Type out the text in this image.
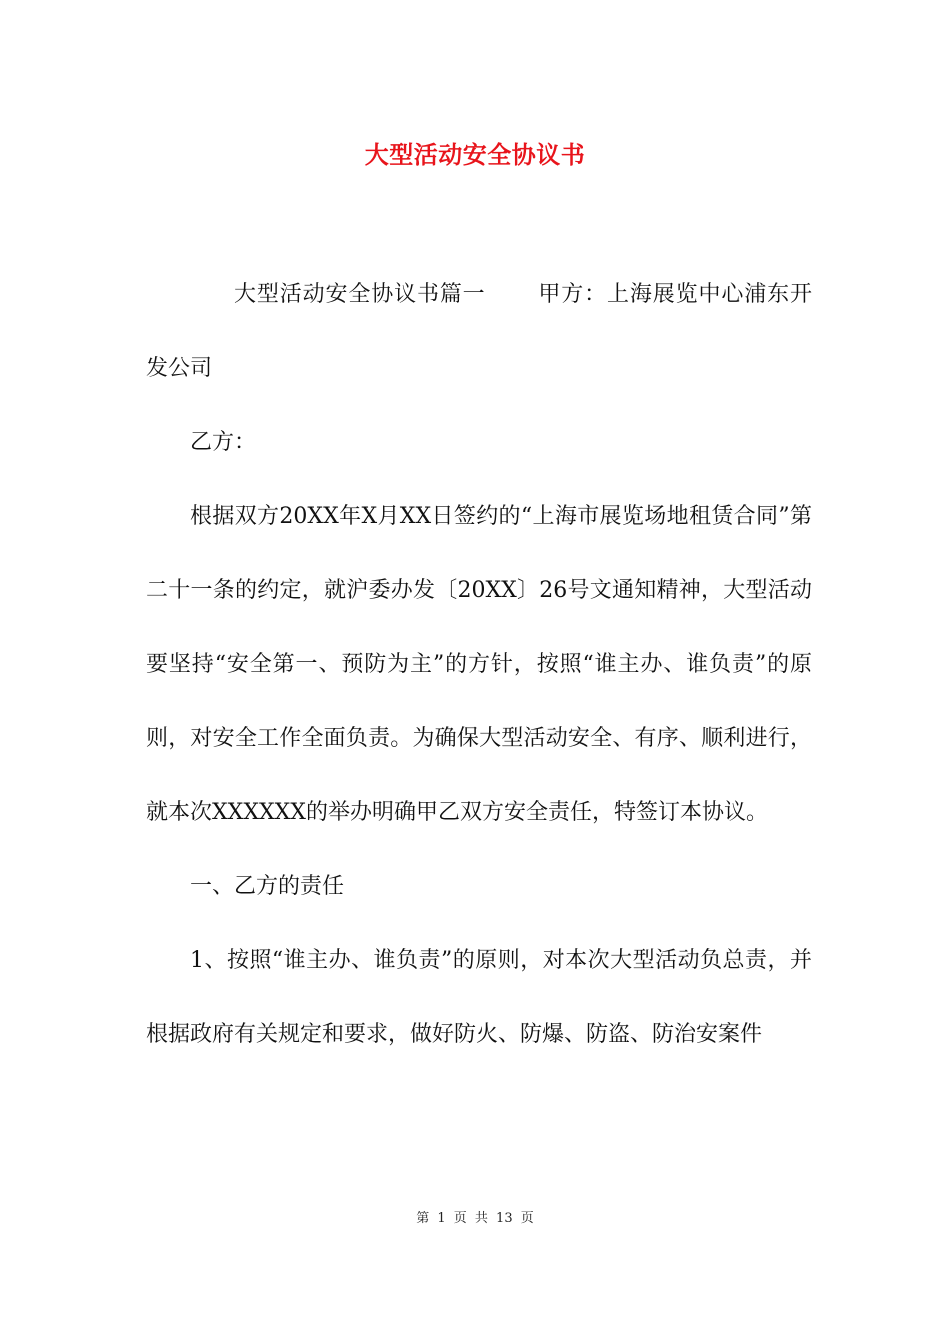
大型活动安全协议书

大型活动安全协议书篇一 甲方：上海展览中心浦东开发公司

乙方：

根据双方20XX年X月XX日签约的“上海市展览场地租赁合同”第二十一条的约定，就沪委办发〔20XX〕26号文通知精神，大型活动要坚持“安全第一、预防为主”的方针，按照“谁主办、谁负责”的原则，对安全工作全面负责。为确保大型活动安全、有序、顺利进行，就本次XXXXXX的举办明确甲乙双方安全责任，特签订本协议。

一、乙方的责任

1、按照“谁主办、谁负责”的原则，对本次大型活动负总责，并根据政府有关规定和要求，做好防火、防爆、防盗、防治安案件

第 1 页 共 13 页
